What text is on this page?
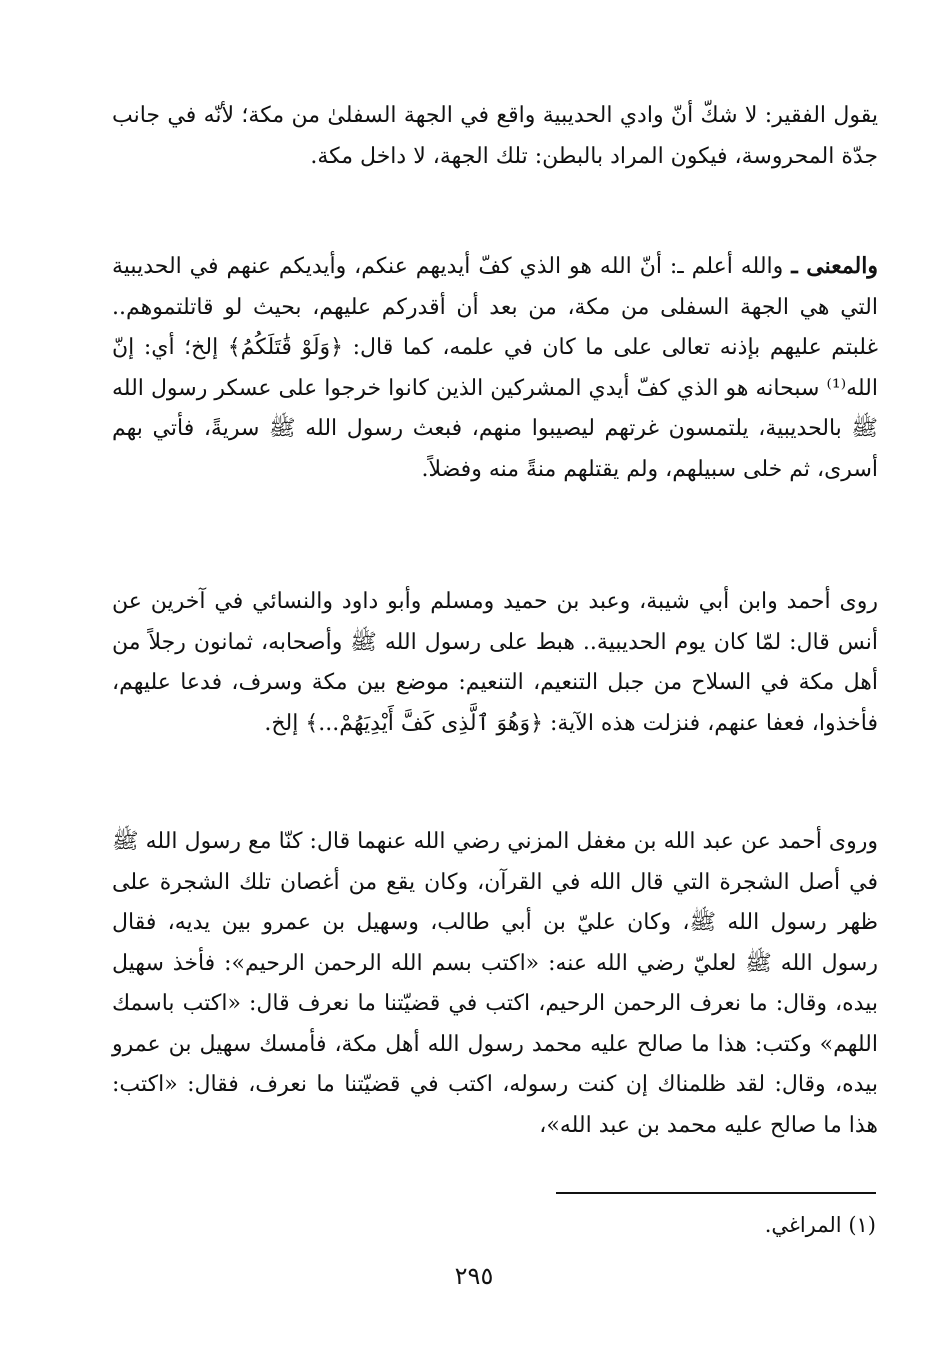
يقول الفقير: لا شكّ أنّ وادي الحديبية واقع في الجهة السفلىٰ من مكة؛ لأنّه في جانب جدّة المحروسة، فيكون المراد بالبطن: تلك الجهة، لا داخل مكة.

والمعنى ـ والله أعلم ـ: أنّ الله هو الذي كفّ أيديهم عنكم، وأيديكم عنهم في الحديبية التي هي الجهة السفلى من مكة، من بعد أن أقدركم عليهم، بحيث لو قاتلتموهم.. غلبتم عليهم بإذنه تعالى على ما كان في علمه، كما قال: ﴿وَلَوْ قَٰتَلَكُمُ﴾ إلخ؛ أي: إنّ الله⁽¹⁾ سبحانه هو الذي كفّ أيدي المشركين الذين كانوا خرجوا على عسكر رسول الله ﷺ بالحديبية، يلتمسون غرتهم ليصيبوا منهم، فبعث رسول الله ﷺ سريةً، فأتي بهم أسرى، ثم خلى سبيلهم، ولم يقتلهم منةً منه وفضلاً.

روى أحمد وابن أبي شيبة، وعبد بن حميد ومسلم وأبو داود والنسائي في آخرين عن أنس قال: لمّا كان يوم الحديبية.. هبط على رسول الله ﷺ وأصحابه، ثمانون رجلاً من أهل مكة في السلاح من جبل التنعيم، التنعيم: موضع بين مكة وسرف، فدعا عليهم، فأخذوا، فعفا عنهم، فنزلت هذه الآية: ﴿وَهُوَ ٱلَّذِى كَفَّ أَيْدِيَهُمْ...﴾ إلخ.

وروى أحمد عن عبد الله بن مغفل المزني رضي الله عنهما قال: كنّا مع رسول الله ﷺ في أصل الشجرة التي قال الله في القرآن، وكان يقع من أغصان تلك الشجرة على ظهر رسول الله ﷺ، وكان عليّ بن أبي طالب، وسهيل بن عمرو بين يديه، فقال رسول الله ﷺ لعليّ رضي الله عنه: «اكتب بسم الله الرحمن الرحيم»: فأخذ سهيل بيده، وقال: ما نعرف الرحمن الرحيم، اكتب في قضيّتنا ما نعرف قال: «اكتب باسمك اللهم» وكتب: هذا ما صالح عليه محمد رسول الله أهل مكة، فأمسك سهيل بن عمرو بيده، وقال: لقد ظلمناك إن كنت رسوله، اكتب في قضيّتنا ما نعرف، فقال: «اكتب: هذا ما صالح عليه محمد بن عبد الله»،

(١) المراغي.
٢٩٥
